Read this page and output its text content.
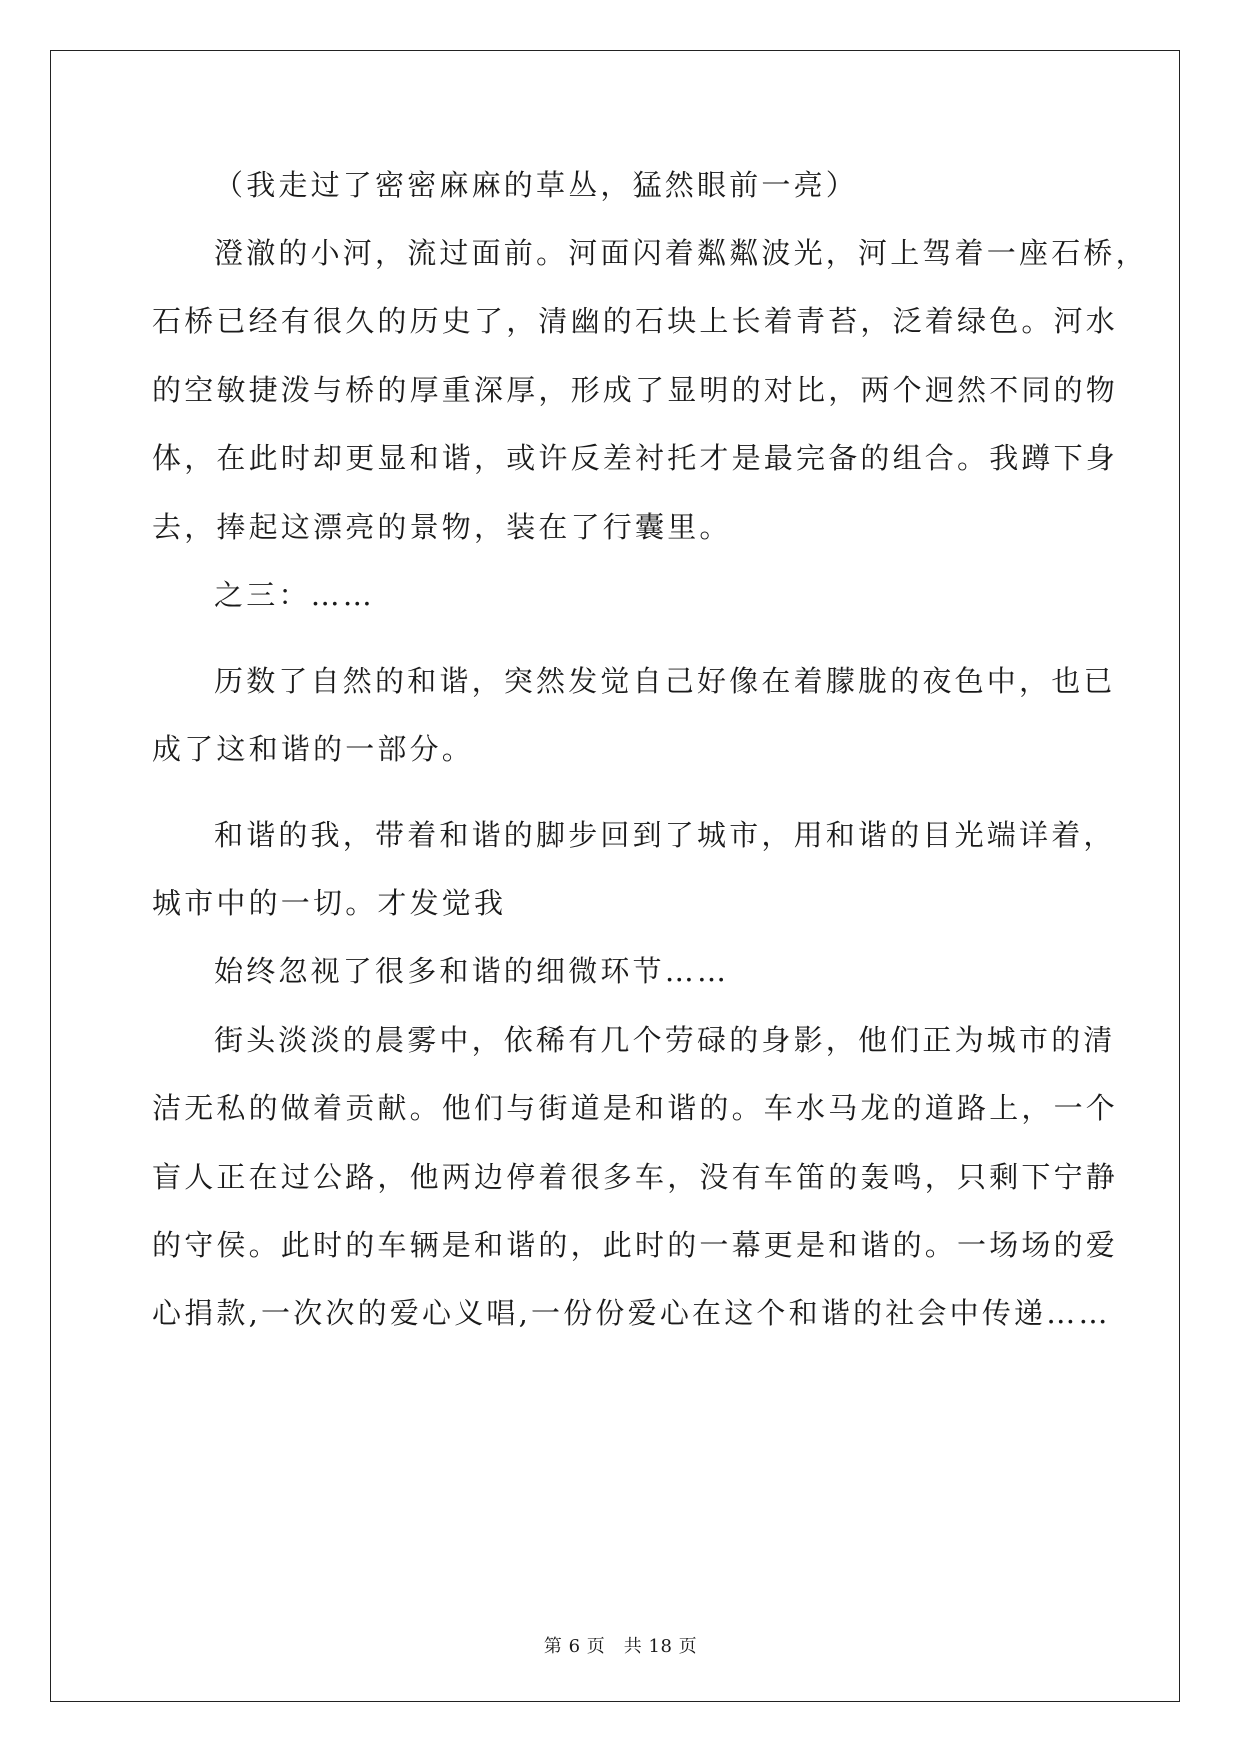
（我走过了密密麻麻的草丛，猛然眼前一亮）
澄澈的小河，流过面前。河面闪着粼粼波光，河上驾着一座石桥，
石桥已经有很久的历史了，清幽的石块上长着青苔，泛着绿色。河水
的空敏捷泼与桥的厚重深厚，形成了显明的对比，两个迥然不同的物
体，在此时却更显和谐，或许反差衬托才是最完备的组合。我蹲下身
去，捧起这漂亮的景物，装在了行囊里。
之三：……
历数了自然的和谐，突然发觉自己好像在着朦胧的夜色中，也已
成了这和谐的一部分。
和谐的我，带着和谐的脚步回到了城市，用和谐的目光端详着，
城市中的一切。才发觉我
始终忽视了很多和谐的细微环节……
街头淡淡的晨雾中，依稀有几个劳碌的身影，他们正为城市的清
洁无私的做着贡献。他们与街道是和谐的。车水马龙的道路上，一个
盲人正在过公路，他两边停着很多车，没有车笛的轰鸣，只剩下宁静
的守侯。此时的车辆是和谐的，此时的一幕更是和谐的。一场场的爱
心捐款,一次次的爱心义唱,一份份爱心在这个和谐的社会中传递……
第 6 页　共 18 页
